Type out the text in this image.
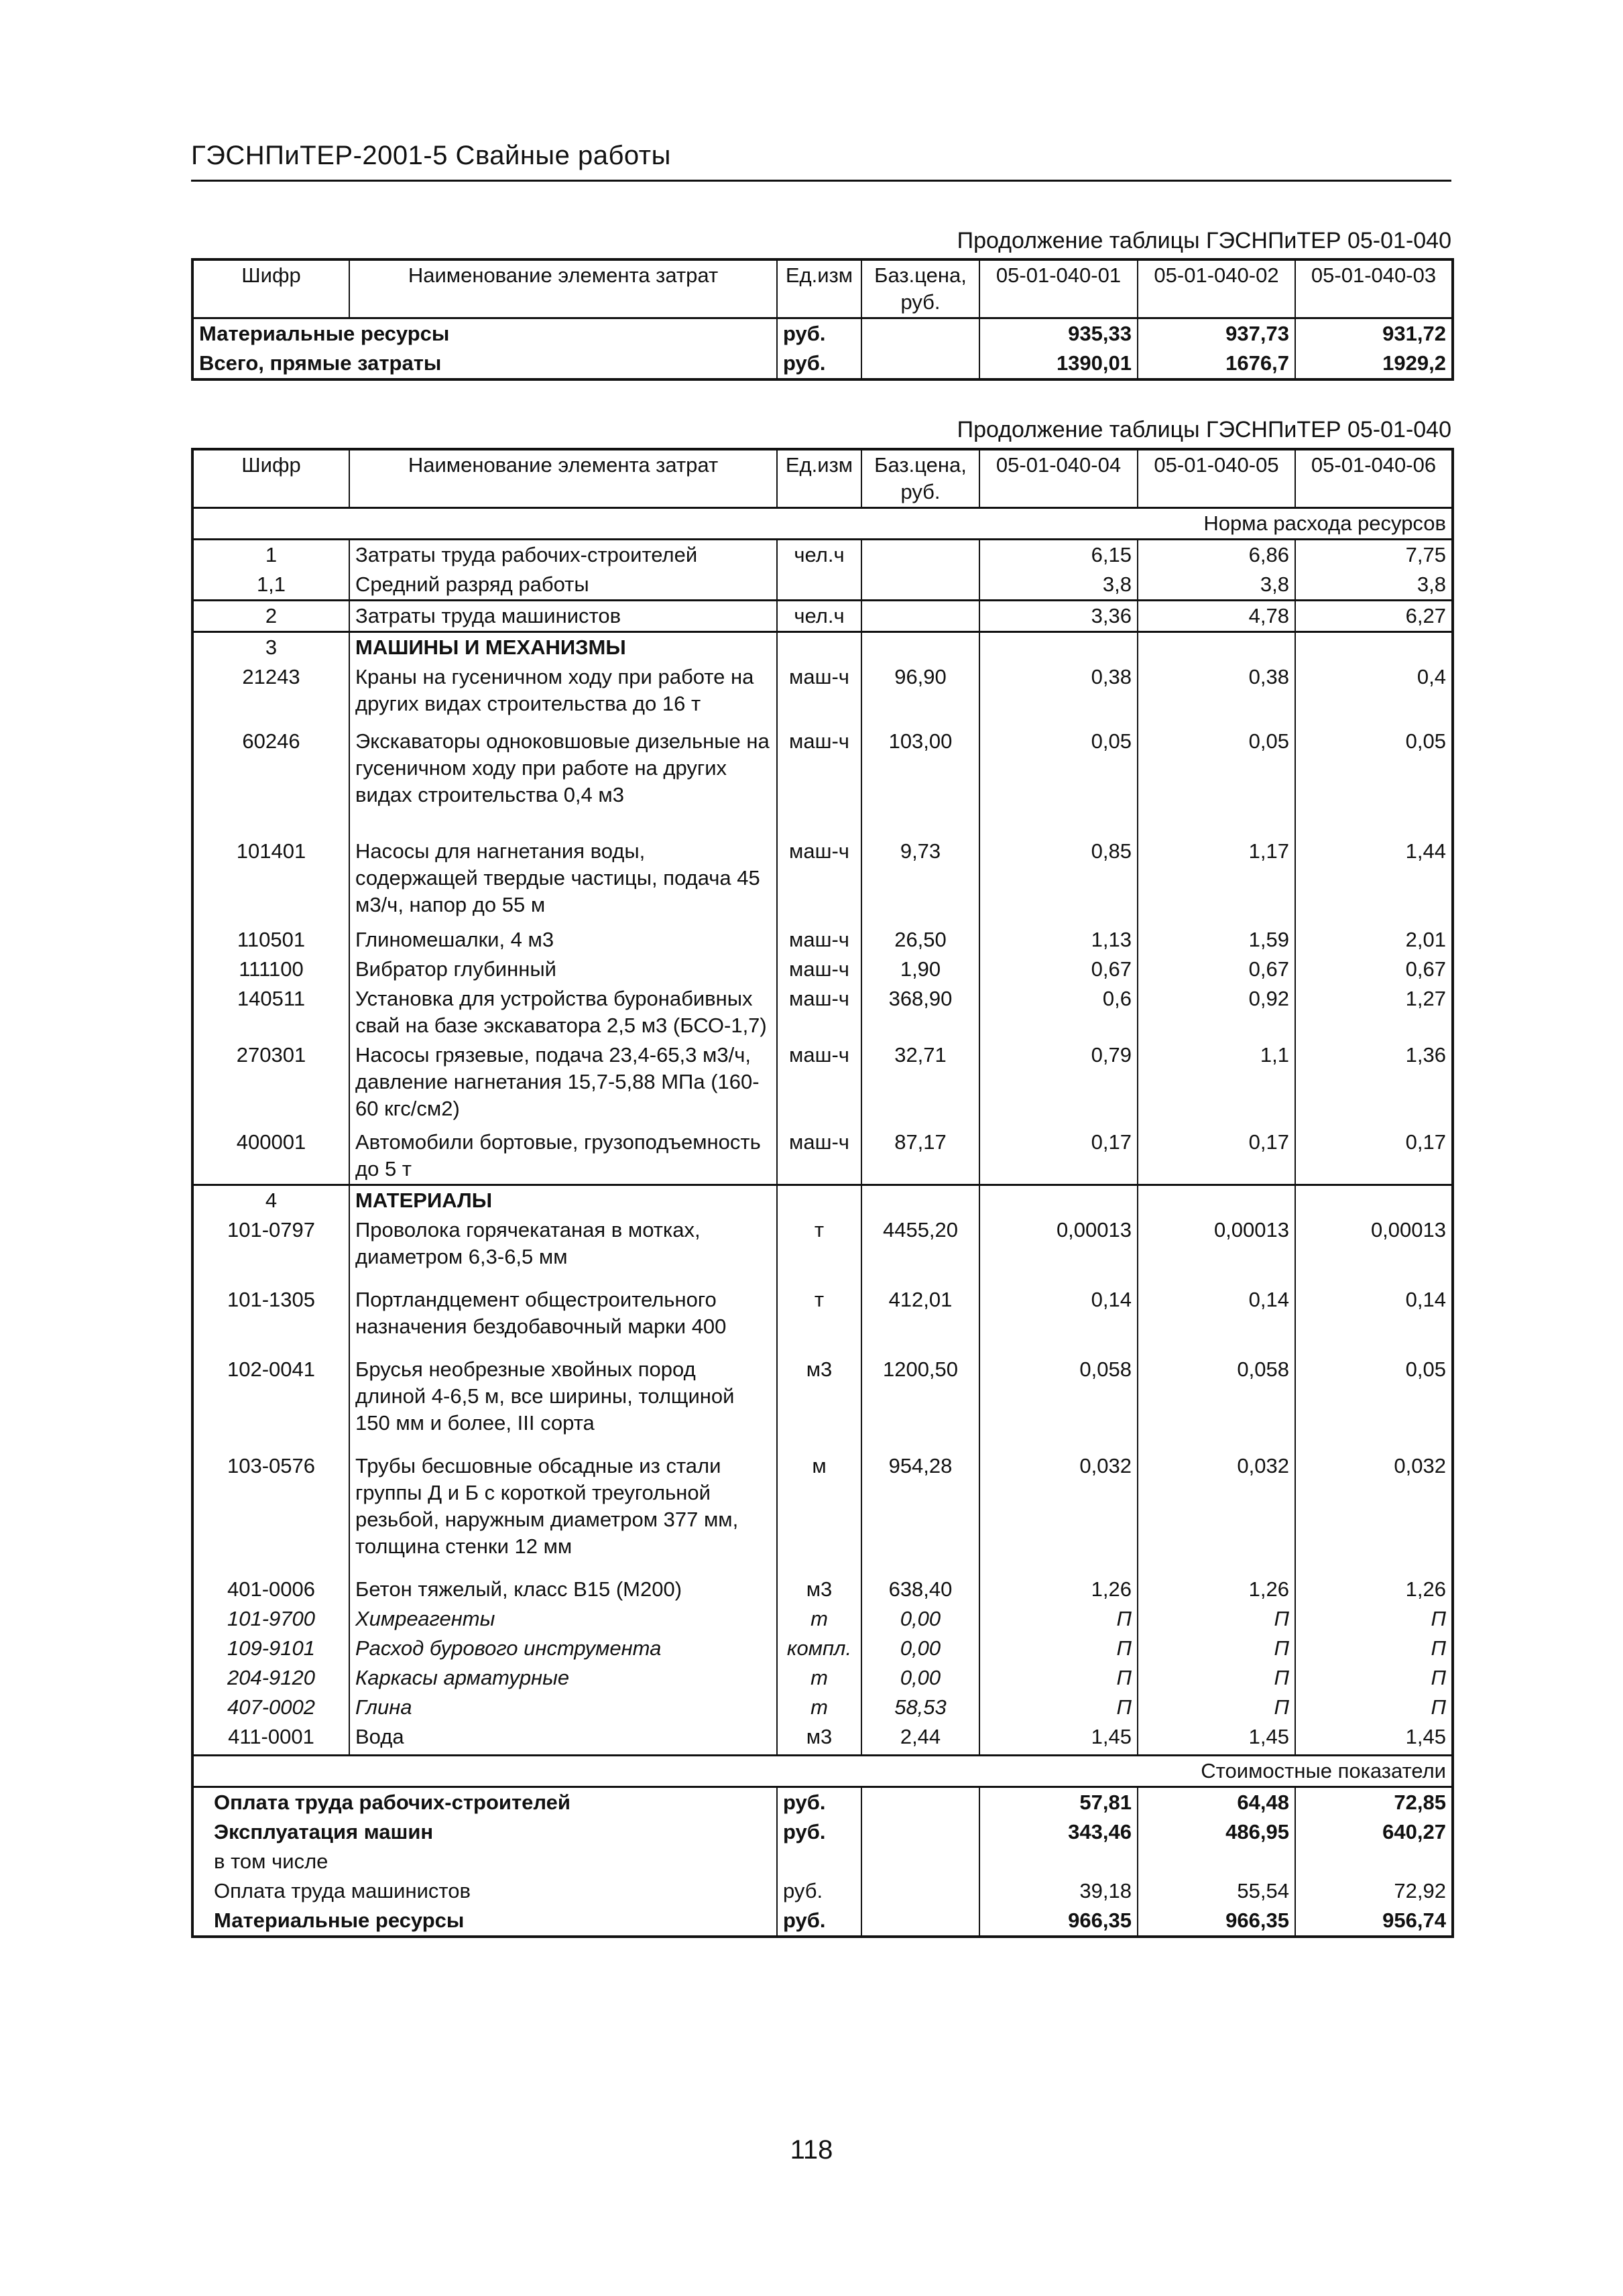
ГЭСНПиТЕР-2001-5 Свайные работы
Продолжение таблицы ГЭСНПиТЕР 05-01-040
Шифр	Наименование элемента затрат	Ед.изм	Баз.цена, руб.	05-01-040-01	05-01-040-02	05-01-040-03
Материальные ресурсы		руб.		935,33	937,73	931,72
Всего, прямые затраты		руб.		1390,01	1676,7	1929,2
Продолжение таблицы ГЭСНПиТЕР 05-01-040
Шифр	Наименование элемента затрат	Ед.изм	Баз.цена, руб.	05-01-040-04	05-01-040-05	05-01-040-06
Норма расхода ресурсов						
1	Затраты труда рабочих-строителей	чел.ч		6,15	6,86	7,75
1,1	Средний разряд работы			3,8	3,8	3,8
2	Затраты труда машинистов	чел.ч		3,36	4,78	6,27
3	МАШИНЫ И МЕХАНИЗМЫ					
21243	Краны на гусеничном ходу при работе на других видах строительства до 16 т	маш-ч	96,90	0,38	0,38	0,4
60246	Экскаваторы одноковшовые дизельные на гусеничном ходу при работе на других видах строительства 0,4 м3	маш-ч	103,00	0,05	0,05	0,05
101401	Насосы для нагнетания воды, содержащей твердые частицы, подача 45 м3/ч, напор до 55 м	маш-ч	9,73	0,85	1,17	1,44
110501	Глиномешалки, 4 м3	маш-ч	26,50	1,13	1,59	2,01
111100	Вибратор глубинный	маш-ч	1,90	0,67	0,67	0,67
140511	Установка для устройства буронабивных свай на базе экскаватора 2,5 м3 (БСО-1,7)	маш-ч	368,90	0,6	0,92	1,27
270301	Насосы грязевые, подача 23,4-65,3 м3/ч, давление нагнетания 15,7-5,88 МПа (160-60 кгс/см2)	маш-ч	32,71	0,79	1,1	1,36
400001	Автомобили бортовые, грузоподъемность до 5 т	маш-ч	87,17	0,17	0,17	0,17
4	МАТЕРИАЛЫ					
101-0797	Проволока горячекатаная в мотках, диаметром 6,3-6,5 мм	т	4455,20	0,00013	0,00013	0,00013
101-1305	Портландцемент общестроительного назначения бездобавочный марки 400	т	412,01	0,14	0,14	0,14
102-0041	Брусья необрезные хвойных пород длиной 4-6,5 м, все ширины, толщиной 150 мм и более, III сорта	м3	1200,50	0,058	0,058	0,05
103-0576	Трубы бесшовные обсадные из стали группы Д и Б с короткой треугольной резьбой, наружным диаметром 377 мм, толщина стенки 12 мм	м	954,28	0,032	0,032	0,032
401-0006	Бетон тяжелый, класс В15 (М200)	м3	638,40	1,26	1,26	1,26
101-9700	Химреагенты	т	0,00	П	П	П
109-9101	Расход бурового инструмента	компл.	0,00	П	П	П
204-9120	Каркасы арматурные	т	0,00	П	П	П
407-0002	Глина	т	58,53	П	П	П
411-0001	Вода	м3	2,44	1,45	1,45	1,45
Стоимостные показатели						
Оплата труда рабочих-строителей		руб.		57,81	64,48	72,85
Эксплуатация машин		руб.		343,46	486,95	640,27
в том числе						
Оплата труда машинистов		руб.		39,18	55,54	72,92
Материальные ресурсы		руб.		966,35	966,35	956,74
118
